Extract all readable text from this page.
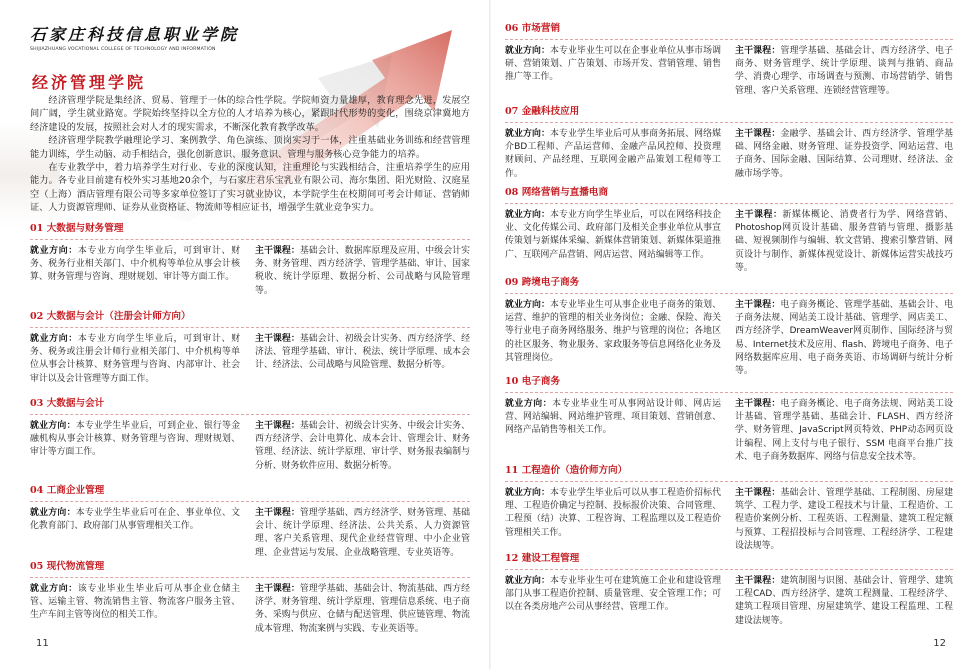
石家庄科技信息职业学院
SHIJIAZHUANG VOCATIONAL COLLEGE OF TECHNOLOGY AND INFORMATION
经济管理学院

经济管理学院是集经济、贸易、管理于一体的综合性学院。学院师资力量雄厚，教育理念先进，发展空间广阔，学生就业路宽。学院始终坚持以全方位的人才培养为核心，紧跟时代形势的变化，围绕京津冀地方经济建设的发展，按照社会对人才的现实需求，不断深化教育教学改革。

经济管理学院教学融理论学习、案例教学、角色演练、顶岗实习于一体，注重基础业务训练和经营管理能力训练，学生动脑、动手相结合，强化创新意识、服务意识、管理与服务核心竞争能力的培养。

在专业教学中，着力培养学生对行业、专业的深度认知，注重理论与实践相结合，注重培养学生的应用能力。各专业目前建有校外实习基地20余个，与石家庄君乐宝乳业有限公司、海尔集团、阳光财险、汉庭星空（上海）酒店管理有限公司等多家单位签订了实习就业协议，本学院学生在校期间可考会计师证、营销师证、人力资源管理师、证券从业资格证、物流师等相应证书，增强学生就业竞争实力。

01 大数据与财务管理
就业方向：本专业方向学生毕业后，可到审计、财务、税务行业相关部门、中介机构等单位从事会计核算、财务管理与咨询、理财规划、审计等方面工作。
主干课程：基础会计、数据库原理及应用、中级会计实务、财务管理、西方经济学、管理学基础、审计、国家税收、统计学原理、数据分析、公司战略与风险管理等。
02 大数据与会计（注册会计师方向）
就业方向：本专业方向学生毕业后，可到审计、财务、税务或注册会计师行业相关部门、中介机构等单位从事会计核算、财务管理与咨询、内部审计、社会审计以及会计管理等方面工作。
主干课程：基础会计、初级会计实务、西方经济学、经济法、管理学基础、审计、税法、统计学原理、成本会计、经济法、公司战略与风险管理、数据分析等。
03 大数据与会计
就业方向：本专业学生毕业后，可到企业、银行等金融机构从事会计核算、财务管理与咨询、理财规划、审计等方面工作。
主干课程：基础会计、初级会计实务、中级会计实务、西方经济学、会计电算化、成本会计、管理会计、财务管理、经济法、统计学原理、审计学、财务报表编制与分析、财务软件应用、数据分析等。
04 工商企业管理
就业方向：本专业学生毕业后可在企、事业单位、文化教育部门、政府部门从事管理相关工作。
主干课程：管理学基础、西方经济学、财务管理、基础会计、统计学原理、经济法、公共关系、人力资源管理、客户关系管理、现代企业经营管理、中小企业管理、企业营运与发展、企业战略管理、专业英语等。
05 现代物流管理
就业方向：该专业毕业生毕业后可从事企业仓储主管、运输主管、物流销售主管、物流客户服务主管、生产车间主管等岗位的相关工作。
主干课程：管理学基础、基础会计、物流基础、西方经济学、财务管理、统计学原理、管理信息系统、电子商务、采购与供应、仓储与配送管理、供应链管理、物流成本管理、物流案例与实践、专业英语等。
11
06 市场营销
就业方向：本专业毕业生可以在企事业单位从事市场调研、营销策划、广告策划、市场开发、营销管理、销售推广等工作。
主干课程：管理学基础、基础会计、西方经济学、电子商务、财务管理学、统计学原理、谈判与推销、商品学、消费心理学、市场调查与预测、市场营销学、销售管理、客户关系管理、连锁经营管理等。
07 金融科技应用
就业方向：本专业学生毕业后可从事商务拓展、网络媒介BD工程师、产品运营师、金融产品风控师、投资理财顾问、产品经理、互联网金融产品策划工程师等工作。
主干课程：金融学、基础会计、西方经济学、管理学基础、网络金融、财务管理、证券投资学、网站运营、电子商务、国际金融、国际结算、公司理财、经济法、金融市场学等。
08 网络营销与直播电商
就业方向：本专业方向学生毕业后，可以在网络科技企业、文化传媒公司、政府部门及相关企事业单位从事宣传策划与新媒体采编、新媒体营销策划、新媒体渠道推广、互联网产品营销、网店运营、网站编辑等工作。
主干课程：新媒体概论、消费者行为学、网络营销、Photoshop网页设计基础、服务营销与管理、摄影基础、短视频制作与编辑、软文营销、搜索引擎营销、网页设计与制作、新媒体视觉设计、新媒体运营实战技巧等。
09 跨境电子商务
就业方向：本专业毕业生可从事企业电子商务的策划、运营、维护的管理的相关业务岗位；金融、保险、海关等行业电子商务网络服务、维护与管理的岗位；各地区的社区服务、物业服务、家政服务等信息网络化业务及其管理岗位。
主干课程：电子商务概论、管理学基础、基础会计、电子商务法规、网站美工设计基础、管理学、网店美工、西方经济学、DreamWeaver网页制作、国际经济与贸易、Internet技术及应用、flash、跨境电子商务、电子网络数据库应用、电子商务英语、市场调研与统计分析等。
10 电子商务
就业方向：本专业毕业生可从事网站设计师、网店运营、网站编辑、网站维护管理、项目策划、营销创意、网络产品销售等相关工作。
主干课程：电子商务概论、电子商务法规、网站美工设计基础、管理学基础、基础会计、FLASH、西方经济学、财务管理、JavaScript网页特效、PHP动态网页设计编程、网上支付与电子银行、SSM 电商平台推广技术、电子商务数据库、网络与信息安全技术等。
11 工程造价（造价师方向）
就业方向：本专业学生毕业后可以从事工程造价招标代理、工程造价确定与控制、投标报价决策、合同管理、工程预（结）决算、工程咨询、工程监理以及工程造价管理相关工作。
主干课程：基础会计、管理学基础、工程制图、房屋建筑学、工程力学、建设工程技术与计量、工程造价、工程造价案例分析、工程英语、工程测量、建筑工程定额与预算、工程招投标与合同管理、工程经济学、工程建设法规等。
12 建设工程管理
就业方向：本专业毕业生可在建筑施工企业和建设管理部门从事工程造价控制、质量管理、安全管理工作；可以在各类房地产公司从事经营、管理工作。
主干课程：建筑制图与识图、基础会计、管理学、建筑工程CAD、西方经济学、建筑工程测量、工程经济学、建筑工程项目管理、房屋建筑学、建设工程监理、工程建设法规等。
12
